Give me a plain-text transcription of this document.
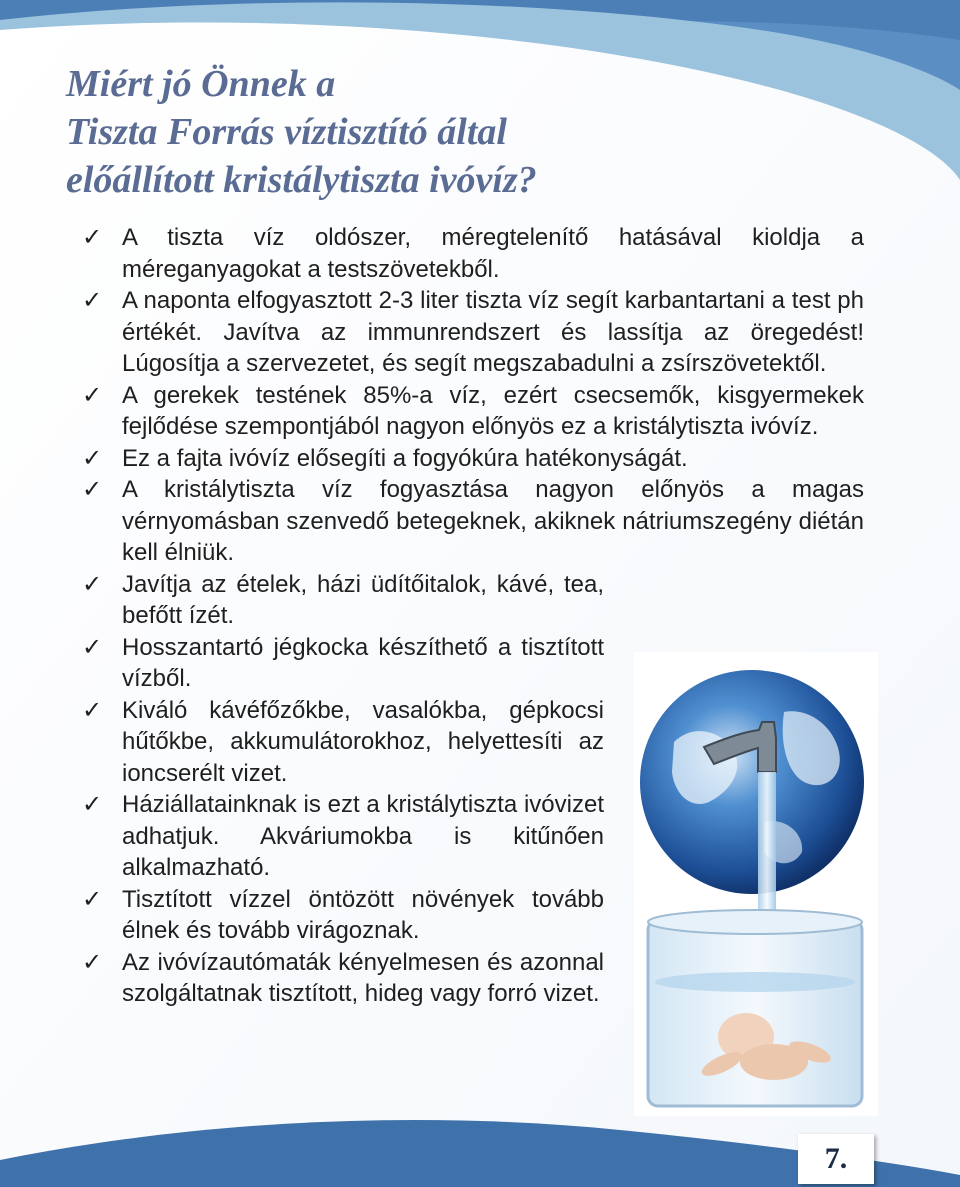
Miért jó Önnek a
Tiszta Forrás víztisztító által
előállított kristálytiszta ivóvíz?
✓ A tiszta víz oldószer, méregtelenítő hatásával kioldja a méreganyagokat a testszövetekből.
✓ A naponta elfogyasztott 2-3 liter tiszta víz segít karbantartani a test ph értékét. Javítva az immunrendszert és lassítja az öregedést! Lúgosítja a szervezetet, és segít megszabadulni a zsírszövetektől.
✓ A gerekek testének 85%-a víz, ezért csecsemők, kisgyermekek fejlődése szempontjából nagyon előnyös ez a kristálytiszta ivóvíz.
✓ Ez a fajta ivóvíz elősegíti a fogyókúra hatékonyságát.
✓ A kristálytiszta víz fogyasztása nagyon előnyös a magas vérnyomásban szenvedő betegeknek, akiknek nátriumszegény diétán kell élniük.
✓ Javítja az ételek, házi üdítőitalok, kávé, tea, befőtt ízét.
✓ Hosszantartó jégkocka készíthető a tisztított vízből.
✓ Kiváló kávéfőzőkbe, vasalókba, gépkocsi hűtőkbe, akkumulátorokhoz, helyettesíti az ioncserélt vizet.
✓ Háziállatainknak is ezt a kristálytiszta ivóvizet adhatjuk. Akváriumokba is kitűnően alkalmazható.
✓ Tisztított vízzel öntözött növények tovább élnek és tovább virágoznak.
✓ Az ivóvízautómaták kényelmesen és azonnal szolgáltatnak tisztított, hideg vagy forró vizet.
7.
